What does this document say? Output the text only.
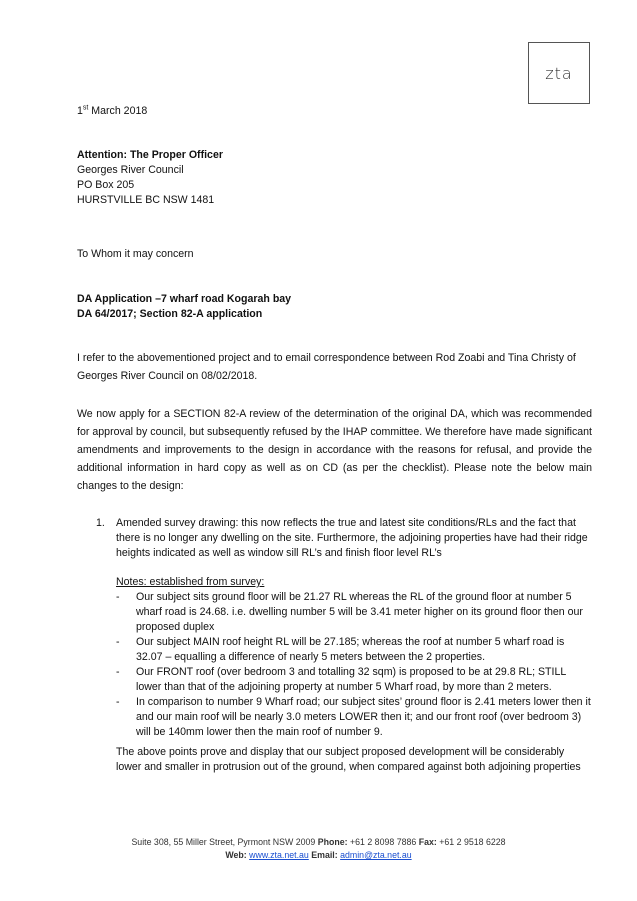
zta
1st March 2018
Attention: The Proper Officer
Georges River Council
PO Box 205
HURSTVILLE BC NSW 1481
To Whom it may concern
DA Application –7 wharf road Kogarah bay
DA 64/2017; Section 82-A application
I refer to the abovementioned project and to email correspondence between Rod Zoabi and Tina Christy of Georges River Council on 08/02/2018.
We now apply for a SECTION 82-A review of the determination of the original DA, which was recommended for approval by council, but subsequently refused by the IHAP committee. We therefore have made significant amendments and improvements to the design in accordance with the reasons for refusal, and provide the additional information in hard copy as well as on CD (as per the checklist). Please note the below main changes to the design:
1. Amended survey drawing: this now reflects the true and latest site conditions/RLs and the fact that there is no longer any dwelling on the site. Furthermore, the adjoining properties have had their ridge heights indicated as well as window sill RL’s and finish floor level RL’s
Notes: established from survey:
- Our subject sits ground floor will be 21.27 RL whereas the RL of the ground floor at number 5 wharf road is 24.68. i.e. dwelling number 5 will be 3.41 meter higher on its ground floor then our proposed duplex
- Our subject MAIN roof height RL will be 27.185; whereas the roof at number 5 wharf road is 32.07 – equalling a difference of nearly 5 meters between the 2 properties.
- Our FRONT roof (over bedroom 3 and totalling 32 sqm) is proposed to be at 29.8 RL; STILL lower than that of the adjoining property at number 5 Wharf road, by more than 2 meters.
- In comparison to number 9 Wharf road; our subject sites’ ground floor is 2.41 meters lower then it and our main roof will be nearly 3.0 meters LOWER then it; and our front roof (over bedroom 3) will be 140mm lower then the main roof of number 9.
The above points prove and display that our subject proposed development will be considerably lower and smaller in protrusion out of the ground, when compared against both adjoining properties
Suite 308, 55 Miller Street, Pyrmont NSW 2009 Phone: +61 2 8098 7886 Fax: +61 2 9518 6228
Web: www.zta.net.au Email: admin@zta.net.au
